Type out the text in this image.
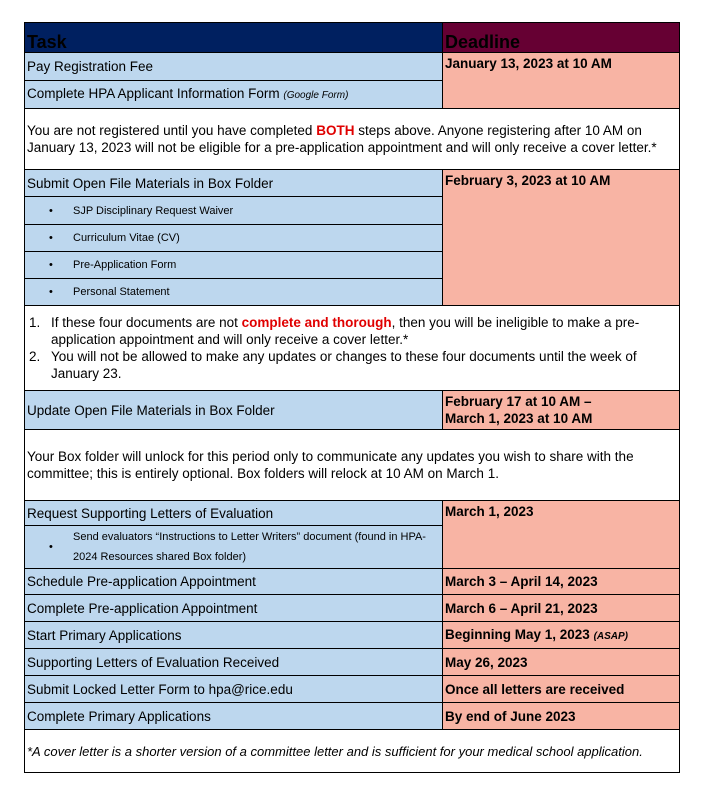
Task	Deadline
Pay Registration Fee	January 13, 2023 at 10 AM
Complete HPA Applicant Information Form (Google Form)	
You are not registered until you have completed BOTH steps above. Anyone registering after 10 AM on January 13, 2023 will not be eligible for a pre-application appointment and will only receive a cover letter.*	
Submit Open File Materials in Box Folder	February 3, 2023 at 10 AM

• SJP Disciplinary Request Waiver	

• Curriculum Vitae (CV)	

• Pre-Application Form	

• Personal Statement	

1. If these four documents are not complete and thorough, then you will be ineligible to make a pre-application appointment and will only receive a cover letter.*
2. You will not be allowed to make any updates or changes to these four documents until the week of January 23.	

Update Open File Materials in Box Folder	February 17 at 10 AM –
March 1, 2023 at 10 AM

Your Box folder will unlock for this period only to communicate any updates you wish to share with the committee; this is entirely optional. Box folders will relock at 10 AM on March 1.	
Request Supporting Letters of Evaluation	March 1, 2023

•
Send evaluators “Instructions to Letter Writers” document (found in HPA-2024 Resources shared Box folder)	

Schedule Pre-application Appointment	March 3 – April 14, 2023
Complete Pre-application Appointment	March 6 – April 21, 2023
Start Primary Applications	Beginning May 1, 2023 (ASAP)
Supporting Letters of Evaluation Received	May 26, 2023
Submit Locked Letter Form to hpa@rice.edu	Once all letters are received
Complete Primary Applications	By end of June 2023
*A cover letter is a shorter version of a committee letter and is sufficient for your medical school application.	
